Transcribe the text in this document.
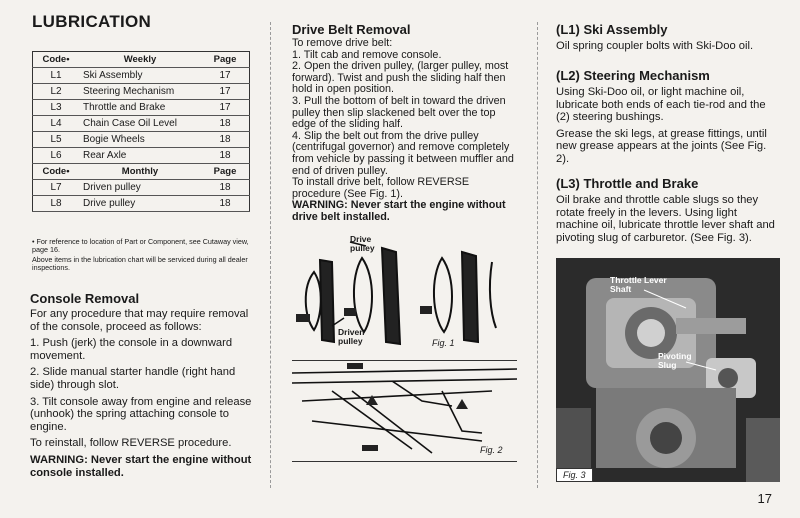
LUBRICATION
Code•	Weekly	Page
L1	Ski Assembly	17
L2	Steering Mechanism	17
L3	Throttle and Brake	17
L4	Chain Case Oil Level	18
L5	Bogie Wheels	18
L6	Rear Axle	18
Code•	Monthly	Page
L7	Driven pulley	18
L8	Drive pulley	18
• For reference to location of Part or Component, see Cutaway view, page 16.
Above items in the lubrication chart will be serviced during all dealer inspections.
Console Removal

For any procedure that may require removal of the console, proceed as follows:

1. Push (jerk) the console in a downward movement.

2. Slide manual starter handle (right hand side) through slot.

3. Tilt console away from engine and release (unhook) the spring attaching console to engine.

To reinstall, follow REVERSE procedure.

WARNING: Never start the engine without console installed.

Drive Belt Removal

To remove drive belt:

1. Tilt cab and remove console.

2. Open the driven pulley, (larger pulley, most forward). Twist and push the sliding half then hold in open position.

3. Pull the bottom of belt in toward the driven pulley then slip slackened belt over the top edge of the sliding half.

4. Slip the belt out from the drive pulley (centrifugal governor) and remove completely from vehicle by passing it between muffler and end of driven pulley.

To install drive belt, follow REVERSE procedure (See Fig. 1).

WARNING: Never start the engine without drive belt installed.

Drive pulley
Driven pulley	Fig. 1
Fig. 2
(L1) Ski Assembly

Oil spring coupler bolts with Ski-Doo oil.

(L2) Steering Mechanism

Using Ski-Doo oil, or light machine oil, lubricate both ends of each tie-rod and the (2) steering bushings.

Grease the ski legs, at grease fittings, until new grease appears at the joints (See Fig. 2).

(L3) Throttle and Brake

Oil brake and throttle cable slugs so they rotate freely in the levers. Using light machine oil, lubricate throttle lever shaft and pivoting slug of carburetor. (See Fig. 3).

Throttle Lever Shaft
Pivoting Slug
Fig. 3
17
